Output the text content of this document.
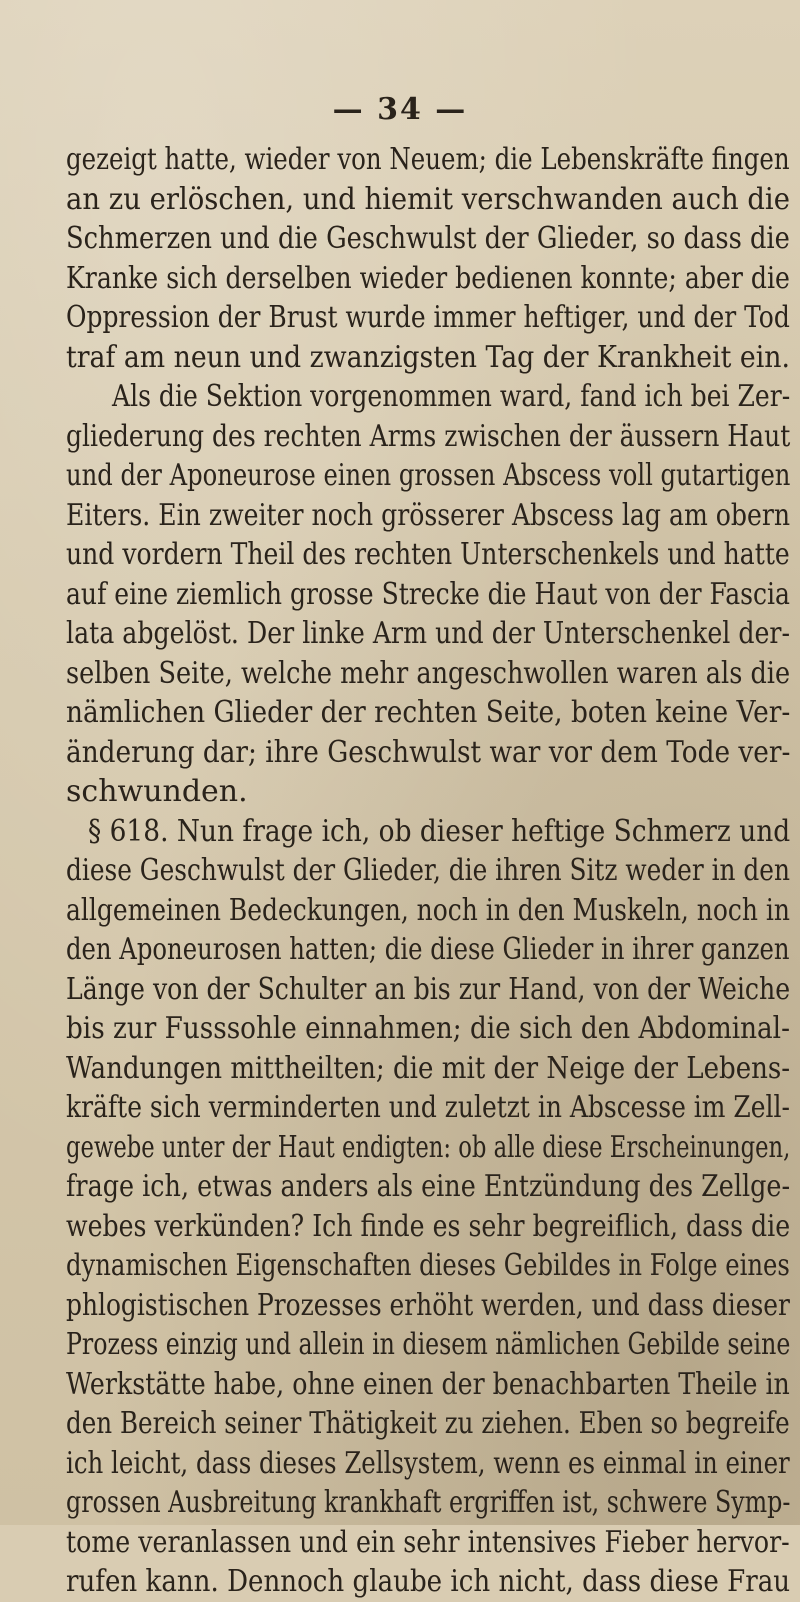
— 34 —
gezeigt hatte, wieder von Neuem; die Lebenskräfte fingen
an zu erlöschen, und hiemit verschwanden auch die
Schmerzen und die Geschwulst der Glieder, so dass die
Kranke sich derselben wieder bedienen konnte; aber die
Oppression der Brust wurde immer heftiger, und der Tod
traf am neun und zwanzigsten Tag der Krankheit ein.
Als die Sektion vorgenommen ward, fand ich bei Zer-
gliederung des rechten Arms zwischen der äussern Haut
und der Aponeurose einen grossen Abscess voll gutartigen
Eiters. Ein zweiter noch grösserer Abscess lag am obern
und vordern Theil des rechten Unterschenkels und hatte
auf eine ziemlich grosse Strecke die Haut von der Fascia
lata abgelöst. Der linke Arm und der Unterschenkel der-
selben Seite, welche mehr angeschwollen waren als die
nämlichen Glieder der rechten Seite, boten keine Ver-
änderung dar; ihre Geschwulst war vor dem Tode ver-
schwunden.
§ 618. Nun frage ich, ob dieser heftige Schmerz und
diese Geschwulst der Glieder, die ihren Sitz weder in den
allgemeinen Bedeckungen, noch in den Muskeln, noch in
den Aponeurosen hatten; die diese Glieder in ihrer ganzen
Länge von der Schulter an bis zur Hand, von der Weiche
bis zur Fusssohle einnahmen; die sich den Abdominal-
Wandungen mittheilten; die mit der Neige der Lebens-
kräfte sich verminderten und zuletzt in Abscesse im Zell-
gewebe unter der Haut endigten: ob alle diese Erscheinungen,
frage ich, etwas anders als eine Entzündung des Zellge-
webes verkünden? Ich finde es sehr begreiflich, dass die
dynamischen Eigenschaften dieses Gebildes in Folge eines
phlogistischen Prozesses erhöht werden, und dass dieser
Prozess einzig und allein in diesem nämlichen Gebilde seine
Werkstätte habe, ohne einen der benachbarten Theile in
den Bereich seiner Thätigkeit zu ziehen. Eben so begreife
ich leicht, dass dieses Zellsystem, wenn es einmal in einer
grossen Ausbreitung krankhaft ergriffen ist, schwere Symp-
tome veranlassen und ein sehr intensives Fieber hervor-
rufen kann. Dennoch glaube ich nicht, dass diese Frau
